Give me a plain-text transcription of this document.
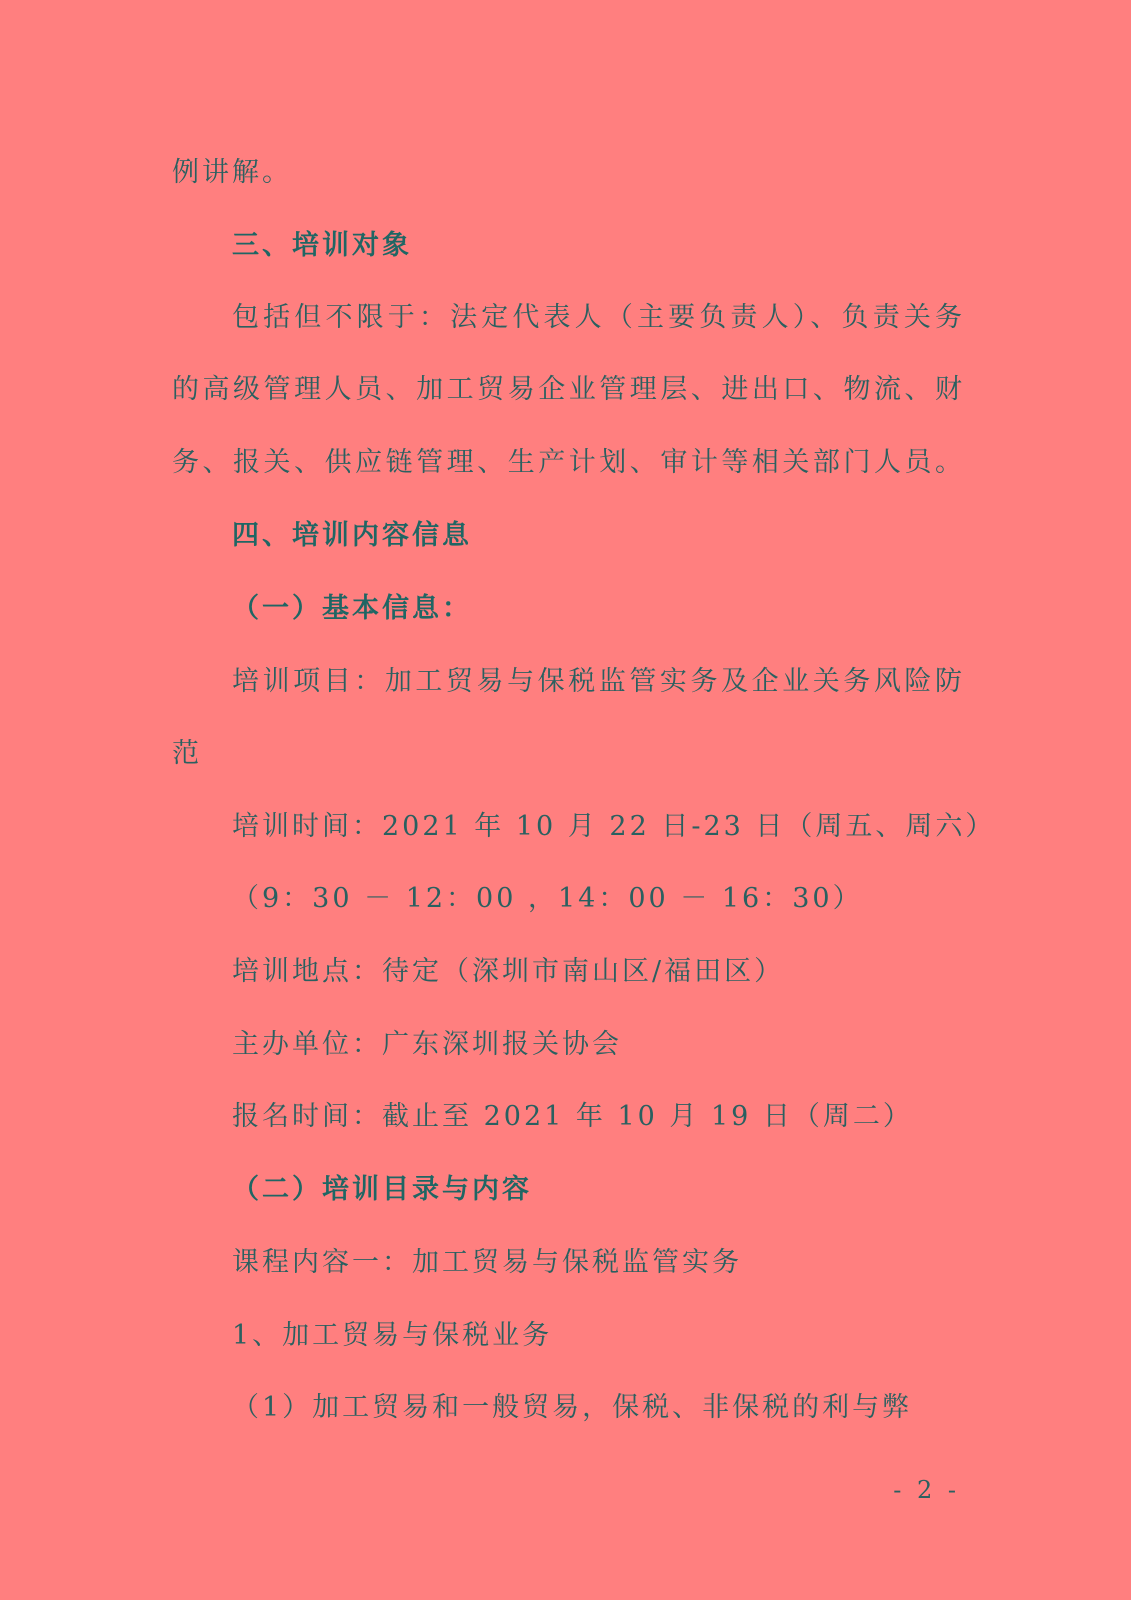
例讲解。
三、培训对象
包括但不限于：法定代表人（主要负责人）、负责关务
的高级管理人员、加工贸易企业管理层、进出口、物流、财
务、报关、供应链管理、生产计划、审计等相关部门人员。
四、培训内容信息
（一）基本信息：
培训项目：加工贸易与保税监管实务及企业关务风险防
范
培训时间：2021 年 10 月 22 日-23 日（周五、周六）
（9：30 － 12：00 ，14：00 － 16：30）
培训地点：待定（深圳市南山区/福田区）
主办单位：广东深圳报关协会
报名时间：截止至 2021 年 10 月 19 日（周二）
（二）培训目录与内容
课程内容一：加工贸易与保税监管实务
1、加工贸易与保税业务
（1）加工贸易和一般贸易，保税、非保税的利与弊
- 2 -
